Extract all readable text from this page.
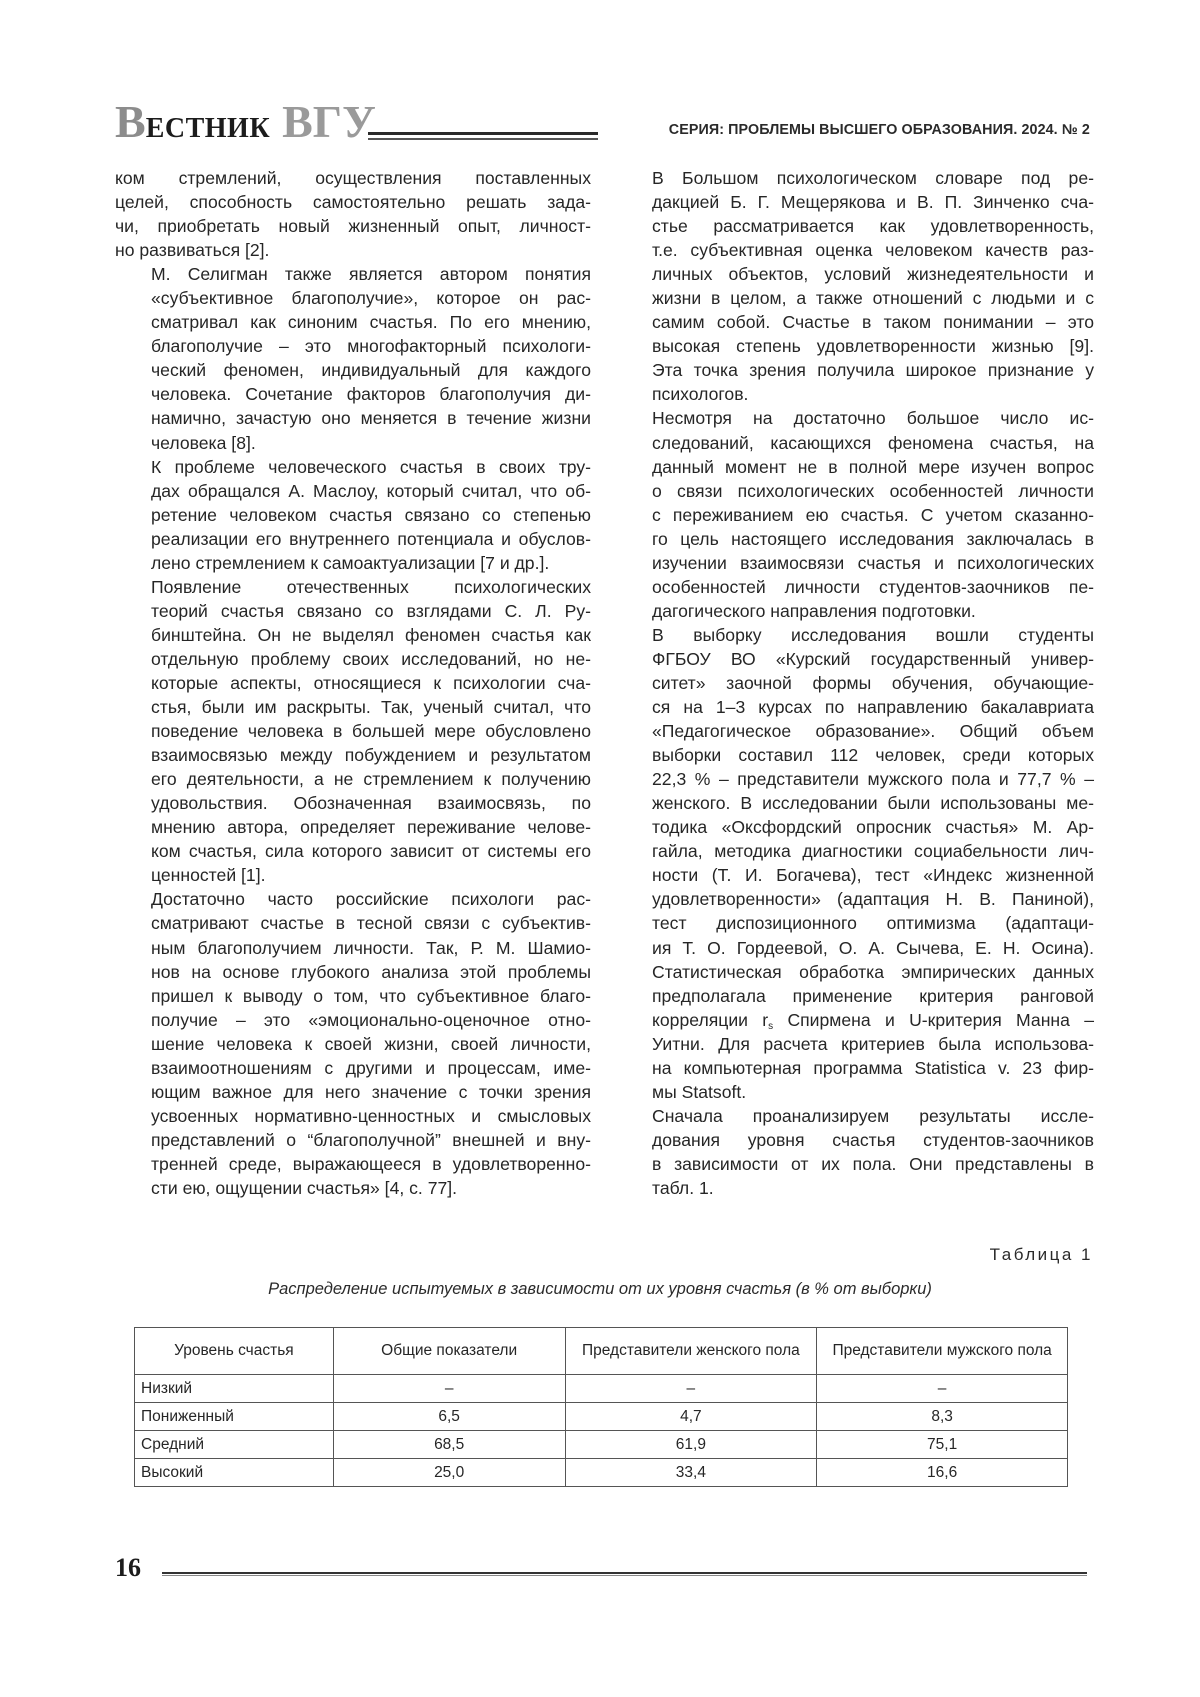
ВЕСТНИК ВГУ	СЕРИЯ: ПРОБЛЕМЫ ВЫСШЕГО ОБРАЗОВАНИЯ. 2024. № 2

ком стремлений, осуществления поставленных
целей, способность самостоятельно решать зада-
чи, приобретать новый жизненный опыт, личност-
но развиваться [2].

М. Селигман также является автором понятия
«субъективное благополучие», которое он рас-
сматривал как синоним счастья. По его мнению,
благополучие – это многофакторный психологи-
ческий феномен, индивидуальный для каждого
человека. Сочетание факторов благополучия ди-
намично, зачастую оно меняется в течение жизни
человека [8].

К проблеме человеческого счастья в своих тру-
дах обращался А. Маслоу, который считал, что об-
ретение человеком счастья связано со степенью
реализации его внутреннего потенциала и обуслов-
лено стремлением к самоактуализации [7 и др.].

Появление отечественных психологических
теорий счастья связано со взглядами С. Л. Ру-
бинштейна. Он не выделял феномен счастья как
отдельную проблему своих исследований, но не-
которые аспекты, относящиеся к психологии сча-
стья, были им раскрыты. Так, ученый считал, что
поведение человека в большей мере обусловлено
взаимосвязью между побуждением и результатом
его деятельности, а не стремлением к получению
удовольствия. Обозначенная взаимосвязь, по
мнению автора, определяет переживание челове-
ком счастья, сила которого зависит от системы его
ценностей [1].

Достаточно часто российские психологи рас-
сматривают счастье в тесной связи с субъектив-
ным благополучием личности. Так, Р. М. Шамио-
нов на основе глубокого анализа этой проблемы
пришел к выводу о том, что субъективное благо-
получие – это «эмоционально-оценочное отно-
шение человека к своей жизни, своей личности,
взаимоотношениям с другими и процессам, име-
ющим важное для него значение с точки зрения
усвоенных нормативно-ценностных и смысловых
представлений о “благополучной” внешней и вну-
тренней среде, выражающееся в удовлетвореннo-
сти ею, ощущении счастья» [4, с. 77].

В Большом психологическом словаре под ре-
дакцией Б. Г. Мещерякова и В. П. Зинченко сча-
стье рассматривается как удовлетворенность,
т.е. субъективная оценка человеком качеств раз-
личных объектов, условий жизнедеятельности и
жизни в целом, а также отношений с людьми и с
самим собой. Счастье в таком понимании – это
высокая степень удовлетворенности жизнью [9].
Эта точка зрения получила широкое признание у
психологов.

Несмотря на достаточно большое число ис-
следований, касающихся феномена счастья, на
данный момент не в полной мере изучен вопрос
о связи психологических особенностей личности
с переживанием ею счастья. С учетом сказанно-
го цель настоящего исследования заключалась в
изучении взаимосвязи счастья и психологических
особенностей личности студентов-заочников пе-
дагогического направления подготовки.

В выборку исследования вошли студенты
ФГБОУ ВО «Курский государственный универ-
ситет» заочной формы обучения, обучающие-
ся на 1–3 курсах по направлению бакалавриата
«Педагогическое образование». Общий объем
выборки составил 112 человек, среди которых
22,3 % – представители мужского пола и 77,7 % –
женского. В исследовании были использованы ме-
тодика «Оксфордский опросник счастья» М. Ар-
гайла, методика диагностики социабельности лич-
ности (Т. И. Богачева), тест «Индекс жизненной
удовлетворенности» (адаптация Н. В. Паниной),
тест диспозиционного оптимизма (адаптаци-
ия Т. О. Гордеевой, О. А. Сычева, Е. Н. Осина).
Статистическая обработка эмпирических данных
предполагала применение критерия ранговой
корреляции $r_s$ Спирмена и U-критерия Манна –
Уитни. Для расчета критериев была использова-
на компьютерная программа Statistica v. 23 фир-
мы Statsoft.

Сначала проанализируем результаты иссле-
дования уровня счастья студентов-заочников
в зависимости от их пола. Они представлены в
табл. 1.

Таблица 1
Распределение испытуемых в зависимости от их уровня счастья (в % от выборки)
Уровень счастья	Общие показатели	Представители женского пола	Представители мужского пола
Низкий	–	–	–
Пониженный	6,5	4,7	8,3
Средний	68,5	61,9	75,1
Высокий	25,0	33,4	16,6
16
